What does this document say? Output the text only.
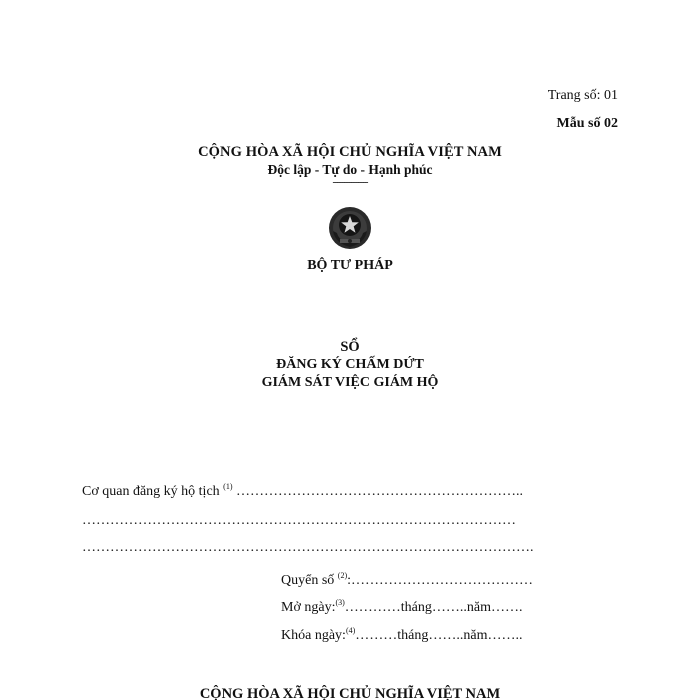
Trang số: 01
Mẫu số 02
CỘNG HÒA XÃ HỘI CHỦ NGHĨA VIỆT NAM
Độc lập - Tự do - Hạnh phúc
---------------
BỘ TƯ PHÁP
SỔ
ĐĂNG KÝ CHẤM DỨT
GIÁM SÁT VIỆC GIÁM HỘ
Cơ quan đăng ký hộ tịch $^{(1)}$ ……………………………………………………..
…………………………………………………………………………………
…………………………………………………………………………………….
Quyển số $^{(2)}$:…………………………………
Mở ngày:$^{(3)}$…………tháng……..năm…….
Khóa ngày:$^{(4)}$………tháng……..năm……..
CỘNG HÒA XÃ HỘI CHỦ NGHĨA VIỆT NAM
